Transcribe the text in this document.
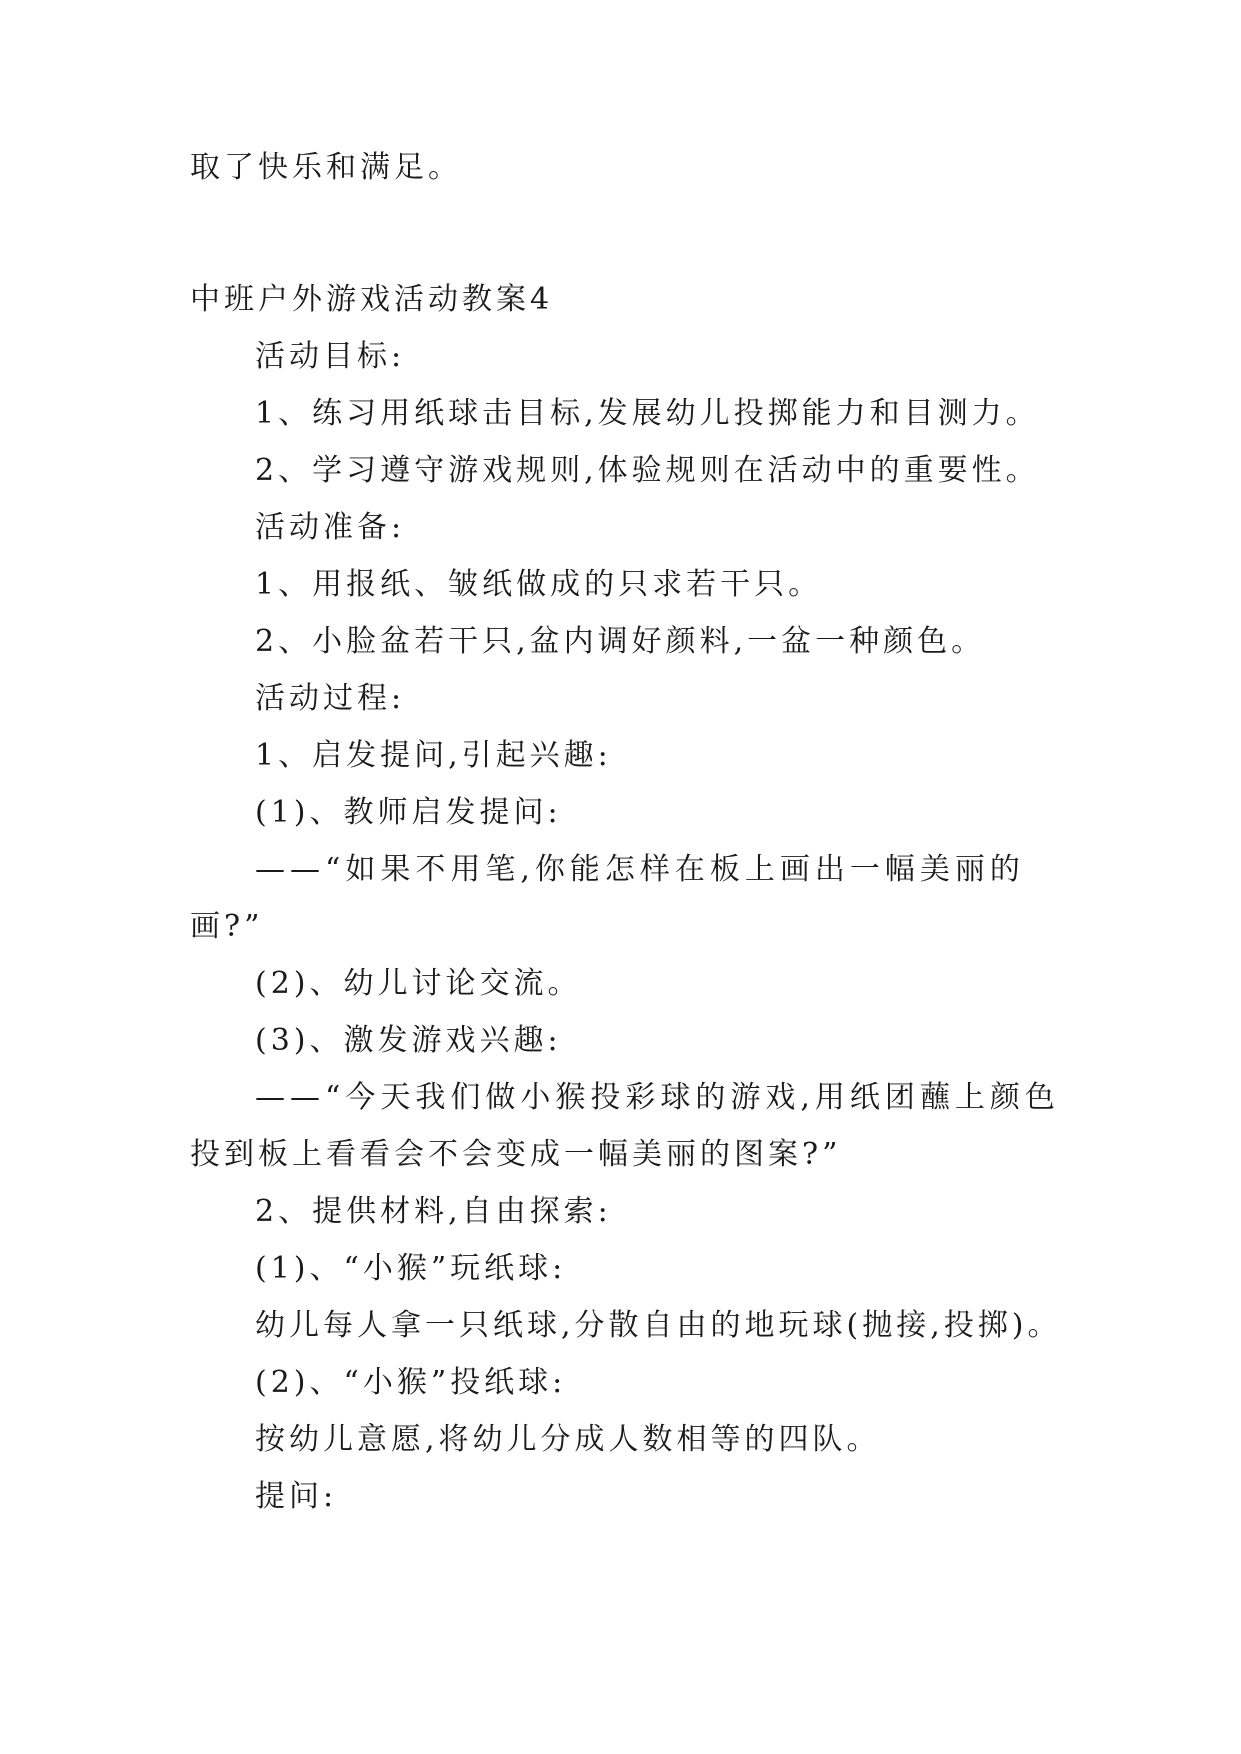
取了快乐和满足。
中班户外游戏活动教案4
活动目标:
1、练习用纸球击目标,发展幼儿投掷能力和目测力。
2、学习遵守游戏规则,体验规则在活动中的重要性。
活动准备:
1、用报纸、皱纸做成的只求若干只。
2、小脸盆若干只,盆内调好颜料,一盆一种颜色。
活动过程:
1、启发提问,引起兴趣:
(1)、教师启发提问:
——“如果不用笔,你能怎样在板上画出一幅美丽的
画?”
(2)、幼儿讨论交流。
(3)、激发游戏兴趣:
——“今天我们做小猴投彩球的游戏,用纸团蘸上颜色
投到板上看看会不会变成一幅美丽的图案?”
2、提供材料,自由探索:
(1)、“小猴”玩纸球:
幼儿每人拿一只纸球,分散自由的地玩球(抛接,投掷)。
(2)、“小猴”投纸球:
按幼儿意愿,将幼儿分成人数相等的四队。
提问:
